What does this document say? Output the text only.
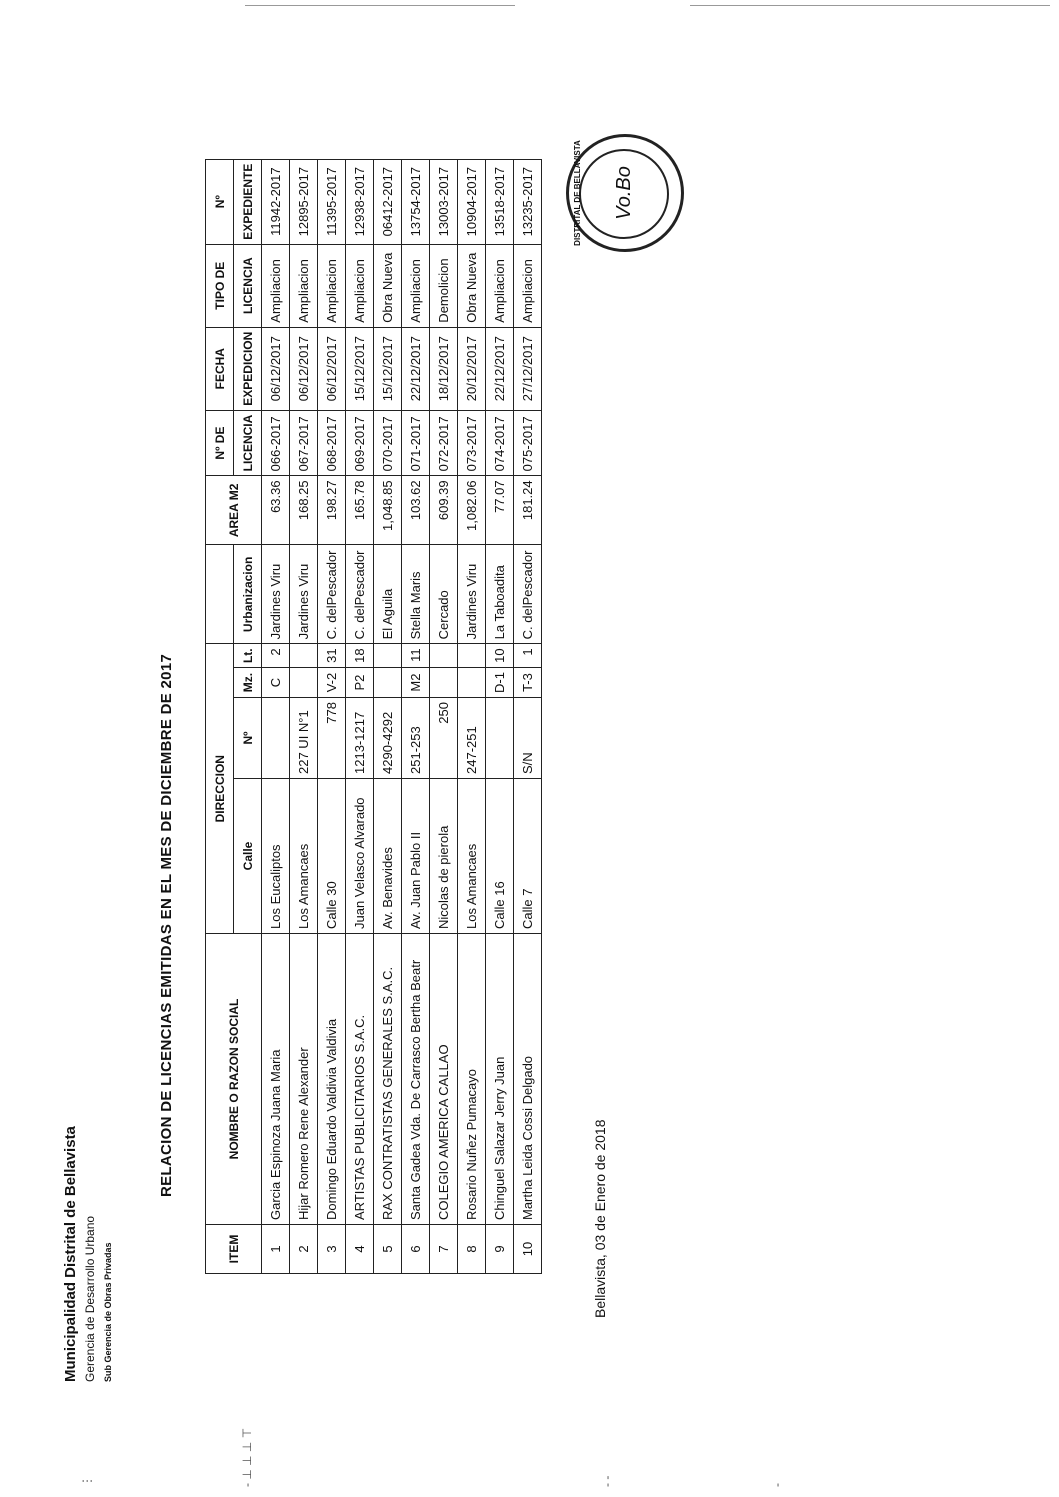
Municipalidad Distrital de Bellavista Gerencia de Desarrollo Urbano Sub Gerencia de Obras Privadas
RELACION DE LICENCIAS EMITIDAS EN EL MES DE DICIEMBRE DE 2017
ITEM	NOMBRE O RAZON SOCIAL	DIRECCION					AREA M2	Nº DE	FECHA	TIPO DE	Nº
		Calle	Nº	Mz.	Lt.	Urbanizacion		LICENCIA	EXPEDICION	LICENCIA	EXPEDIENTE
1	Garcia Espinoza Juana Maria	Los Eucaliptos		C	2	Jardines Viru	63.36	066-2017	06/12/2017	Ampliacion	11942-2017
2	Hijar Romero Rene Alexander	Los Amancaes	227 UI N°1			Jardines Viru	168.25	067-2017	06/12/2017	Ampliacion	12895-2017
3	Domingo Eduardo Valdivia Valdivia	Calle 30	778	V-2	31	C. delPescador	198.27	068-2017	06/12/2017	Ampliacion	11395-2017
4	ARTISTAS PUBLICITARIOS S.A.C.	Juan Velasco Alvarado	1213-1217	P2	18	C. delPescador	165.78	069-2017	15/12/2017	Ampliacion	12938-2017
5	RAX CONTRATISTAS GENERALES S.A.C.	Av. Benavides	4290-4292			El Aguila	1,048.85	070-2017	15/12/2017	Obra Nueva	06412-2017
6	Santa Gadea Vda. De Carrasco Bertha Beatr	Av. Juan Pablo II	251-253	M2	11	Stella Maris	103.62	071-2017	22/12/2017	Ampliacion	13754-2017
7	COLEGIO AMERICA CALLAO	Nicolas de pierola	250			Cercado	609.39	072-2017	18/12/2017	Demolicion	13003-2017
8	Rosario Nuñez Pumacayo	Los Amancaes	247-251			Jardines Viru	1,082.06	073-2017	20/12/2017	Obra Nueva	10904-2017
9	Chinguel Salazar Jerry Juan	Calle 16		D-1	10	La Taboadita	77.07	074-2017	22/12/2017	Ampliacion	13518-2017
10	Martha Leida Cossi Delgado	Calle 7	S/N	T-3	1	C. delPescador	181.24	075-2017	27/12/2017	Ampliacion	13235-2017
Bellavista, 03 de Enero de 2018
DISTRITAL DE BELLAVISTA Vo.Bo
⋮	- ⊥ ⊥ ⊥ ⊤	- -	-
